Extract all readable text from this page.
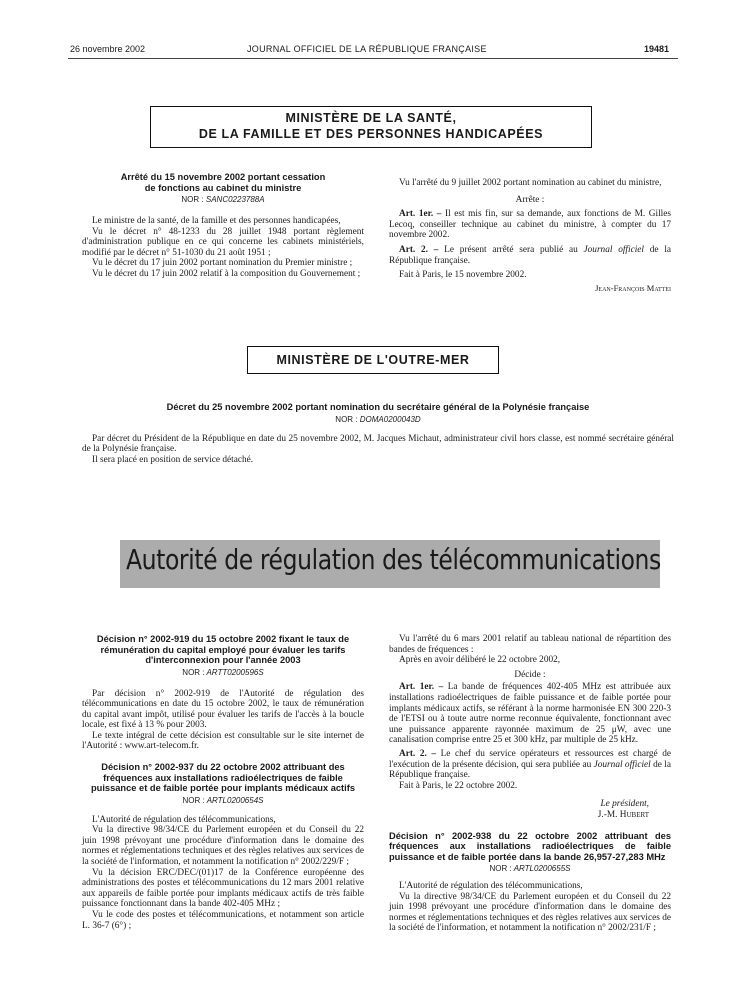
26 novembre 2002	JOURNAL OFFICIEL DE LA RÉPUBLIQUE FRANÇAISE	19481
MINISTÈRE DE LA SANTÉ,
DE LA FAMILLE ET DES PERSONNES HANDICAPÉES
Arrêté du 15 novembre 2002 portant cessation
de fonctions au cabinet du ministre
NOR : SANC0223788A

Le ministre de la santé, de la famille et des personnes handicapées,

Vu le décret n° 48-1233 du 28 juillet 1948 portant règlement d'administration publique en ce qui concerne les cabinets ministériels, modifié par le décret n° 51-1030 du 21 août 1951 ;

Vu le décret du 17 juin 2002 portant nomination du Premier ministre ;

Vu le décret du 17 juin 2002 relatif à la composition du Gouvernement ;

Vu l'arrêté du 9 juillet 2002 portant nomination au cabinet du ministre,

Arrête :

Art. 1er. – Il est mis fin, sur sa demande, aux fonctions de M. Gilles Lecoq, conseiller technique au cabinet du ministre, à compter du 17 novembre 2002.

Art. 2. – Le présent arrêté sera publié au Journal officiel de la République française.

Fait à Paris, le 15 novembre 2002.

Jean-François Mattei
MINISTÈRE DE L'OUTRE-MER
Décret du 25 novembre 2002 portant nomination du secrétaire général de la Polynésie française
NOR : DOMA0200043D

Par décret du Président de la République en date du 25 novembre 2002, M. Jacques Michaut, administrateur civil hors classe, est nommé secrétaire général de la Polynésie française.

Il sera placé en position de service détaché.

Autorité de régulation des télécommunications
Décision n° 2002-919 du 15 octobre 2002 fixant le taux de rémunération du capital employé pour évaluer les tarifs d'interconnexion pour l'année 2003
NOR : ARTT0200596S

Par décision n° 2002-919 de l'Autorité de régulation des télécommunications en date du 15 octobre 2002, le taux de rémunération du capital avant impôt, utilisé pour évaluer les tarifs de l'accès à la boucle locale, est fixé à 13 % pour 2003.

Le texte intégral de cette décision est consultable sur le site internet de l'Autorité : www.art-telecom.fr.

Décision n° 2002-937 du 22 octobre 2002 attribuant des fréquences aux installations radioélectriques de faible puissance et de faible portée pour implants médicaux actifs
NOR : ARTL0200654S

L'Autorité de régulation des télécommunications,

Vu la directive 98/34/CE du Parlement européen et du Conseil du 22 juin 1998 prévoyant une procédure d'information dans le domaine des normes et réglementations techniques et des règles relatives aux services de la société de l'information, et notamment la notification n° 2002/229/F ;

Vu la décision ERC/DEC/(01)17 de la Conférence européenne des administrations des postes et télécommunications du 12 mars 2001 relative aux appareils de faible portée pour implants médicaux actifs de très faible puissance fonctionnant dans la bande 402-405 MHz ;

Vu le code des postes et télécommunications, et notamment son article L. 36-7 (6°) ;

Vu l'arrêté du 6 mars 2001 relatif au tableau national de répartition des bandes de fréquences :

Après en avoir délibéré le 22 octobre 2002,

Décide :

Art. 1er. – La bande de fréquences 402-405 MHz est attribuée aux installations radioélectriques de faible puissance et de faible portée pour implants médicaux actifs, se référant à la norme harmonisée EN 300 220-3 de l'ETSI ou à toute autre norme reconnue équivalente, fonctionnant avec une puissance apparente rayonnée maximum de 25 μW, avec une canalisation comprise entre 25 et 300 kHz, par multiple de 25 kHz.

Art. 2. – Le chef du service opérateurs et ressources est chargé de l'exécution de la présente décision, qui sera publiée au Journal officiel de la République française.

Fait à Paris, le 22 octobre 2002.

Le président,
J.-M. Hubert
Décision n° 2002-938 du 22 octobre 2002 attribuant des fréquences aux installations radioélectriques de faible puissance et de faible portée dans la bande 26,957-27,283 MHz
NOR : ARTL0200655S

L'Autorité de régulation des télécommunications,

Vu la directive 98/34/CE du Parlement européen et du Conseil du 22 juin 1998 prévoyant une procédure d'information dans le domaine des normes et réglementations techniques et des règles relatives aux services de la société de l'information, et notamment la notification n° 2002/231/F ;
